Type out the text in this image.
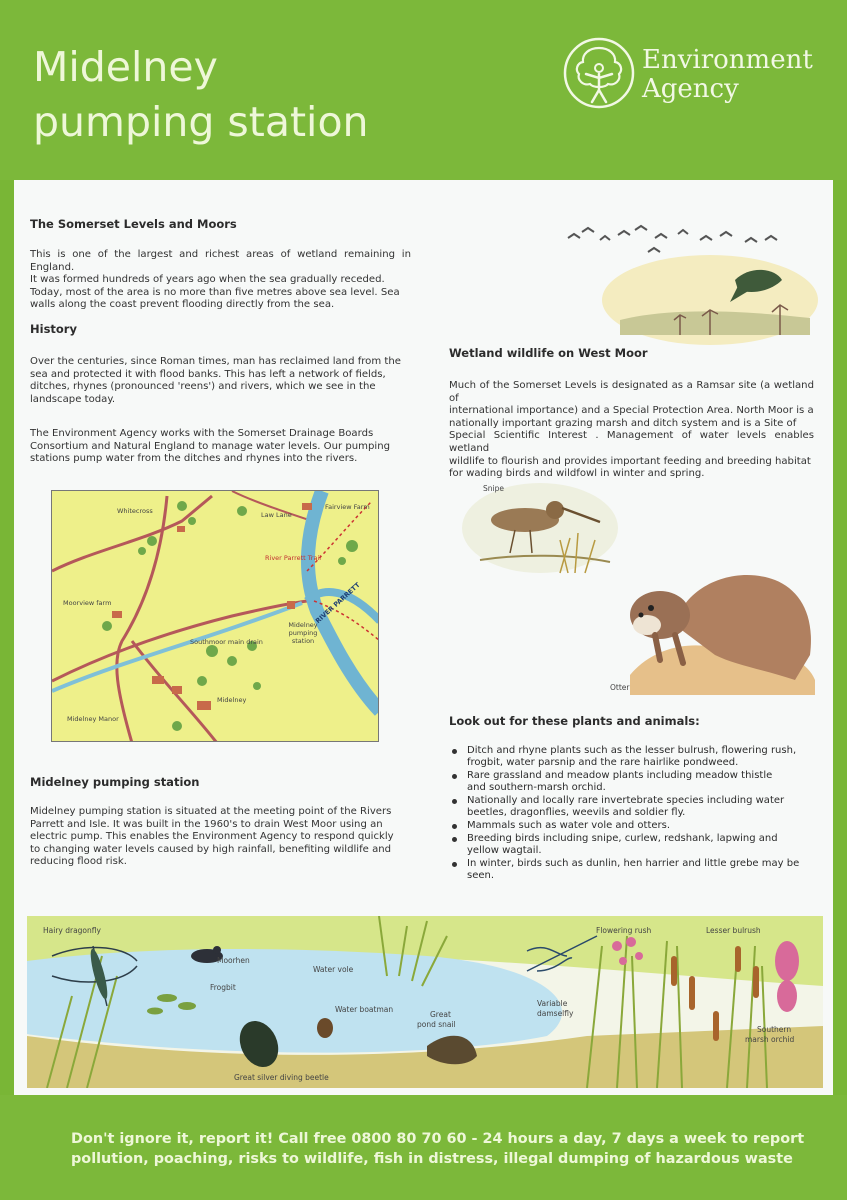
Midelney
pumping station
Environment
Agency
The Somerset Levels and Moors
This is one of the largest and richest areas of wetland remaining in England.
It was formed hundreds of years ago when the sea gradually receded.
Today, most of the area is no more than five metres above sea level. Sea
walls along the coast prevent flooding directly from the sea.
History
Over the centuries, since Roman times, man has reclaimed land from the
sea and protected it with flood banks. This has left a network of fields,
ditches, rhynes (pronounced 'reens') and rivers, which we see in the
landscape today.
The Environment Agency works with the Somerset Drainage Boards
Consortium and Natural England to manage water levels. Our pumping
stations pump water from the ditches and rhynes into the rivers.
Whitecross	Law Lane
Fairview Farm
River Parrett Trail
RIVER PARRETT
Moorview farm
Southmoor main drain
Midelney pumping station
Midelney
Midelney Manor
Midelney pumping station
Midelney pumping station is situated at the meeting point of the Rivers
Parrett and Isle. It was built in the 1960's to drain West Moor using an
electric pump. This enables the Environment Agency to respond quickly
to changing water levels caused by high rainfall, benefiting wildlife and
reducing flood risk.
Wetland wildlife on West Moor
Much of the Somerset Levels is designated as a Ramsar site (a wetland of
international importance) and a Special Protection Area. North Moor is a
nationally important grazing marsh and ditch system and is a Site of
Special Scientific Interest . Management of water levels enables wetland
wildlife to flourish and provides important feeding and breeding habitat
for wading birds and wildfowl in winter and spring.
Snipe
Otter
Look out for these plants and animals:
Ditch and rhyne plants such as the lesser bulrush, flowering rush,
frogbit, water parsnip and the rare hairlike pondweed.
Rare grassland and meadow plants including meadow thistle
and southern-marsh orchid.
Nationally and locally rare invertebrate species including water
beetles, dragonflies, weevils and soldier fly.
Mammals such as water vole and otters.
Breeding birds including snipe, curlew, redshank, lapwing and
yellow wagtail.
In winter, birds such as dunlin, hen harrier and little grebe may be
seen.
Hairy dragonfly
Moorhen
Water vole
Frogbit
Water boatman
Great
pond snail
Great silver diving beetle
Variable
damselfly
Flowering rush	Lesser bulrush
Southern
marsh orchid

Don't ignore it, report it! Call free 0800 80 70 60 - 24 hours a day, 7 days a week to report
pollution, poaching, risks to wildlife, fish in distress, illegal dumping of hazardous waste
